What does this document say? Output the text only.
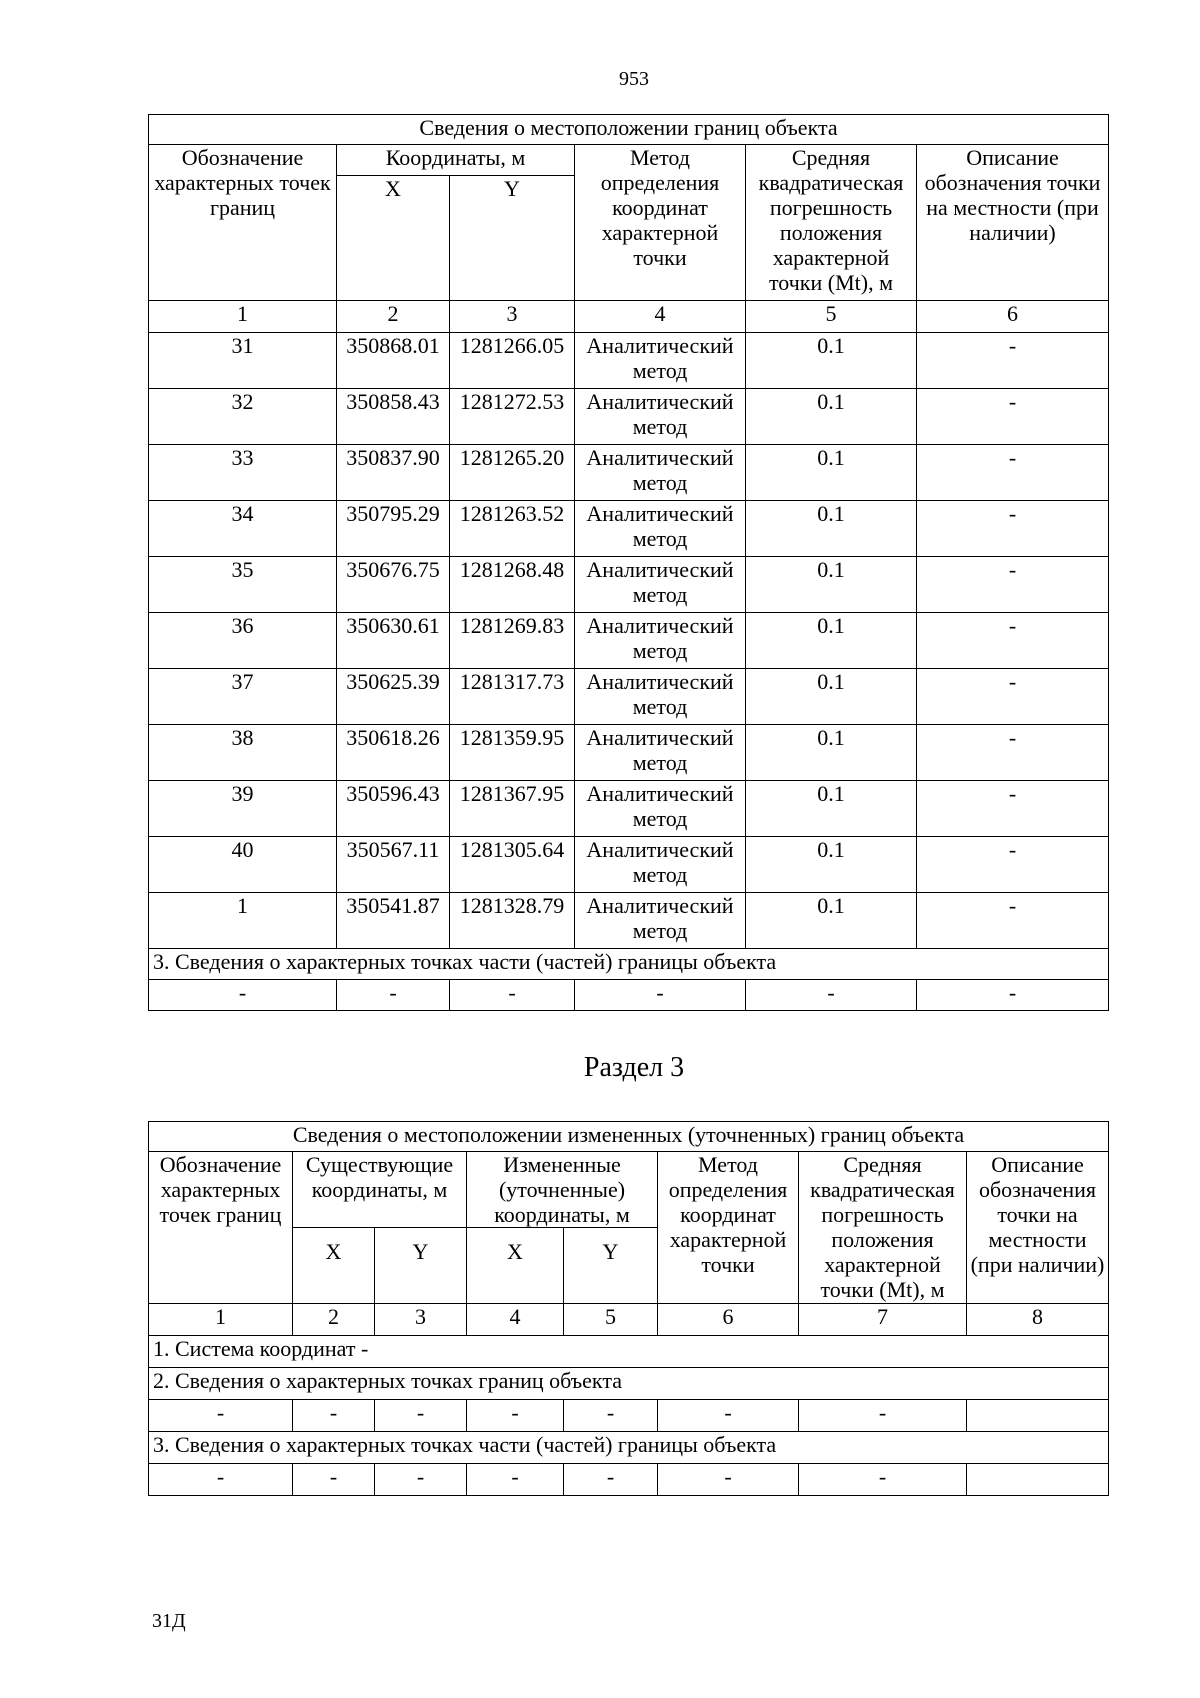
953
Сведения о местоположении границ объекта					
Обозначение характерных точек границ	Координаты, м		Метод определения координат характерной точки	Средняя квадратическая погрешность положения характерной точки (Mt), м	Описание обозначения точки на местности (при наличии)
	X	Y			
1	2	3	4	5	6
31	350868.01	1281266.05	Аналитический метод	0.1	-
32	350858.43	1281272.53	Аналитический метод	0.1	-
33	350837.90	1281265.20	Аналитический метод	0.1	-
34	350795.29	1281263.52	Аналитический метод	0.1	-
35	350676.75	1281268.48	Аналитический метод	0.1	-
36	350630.61	1281269.83	Аналитический метод	0.1	-
37	350625.39	1281317.73	Аналитический метод	0.1	-
38	350618.26	1281359.95	Аналитический метод	0.1	-
39	350596.43	1281367.95	Аналитический метод	0.1	-
40	350567.11	1281305.64	Аналитический метод	0.1	-
1	350541.87	1281328.79	Аналитический метод	0.1	-
3. Сведения о характерных точках части (частей) границы объекта					
-	-	-	-	-	-
Раздел 3
Сведения о местоположении измененных (уточненных) границ объекта							
Обозначение характерных точек границ	Существующие координаты, м		Измененные (уточненные) координаты, м		Метод определения координат характерной точки	Средняя квадратическая погрешность положения характерной точки (Mt), м	Описание обозначения точки на местности (при наличии)
	X	Y	X	Y			
1	2	3	4	5	6	7	8
1. Система координат -							
2. Сведения о характерных точках границ объекта							
-	-	-	-	-	-	-	
3. Сведения о характерных точках части (частей) границы объекта							
-	-	-	-	-	-	-	
31Д
